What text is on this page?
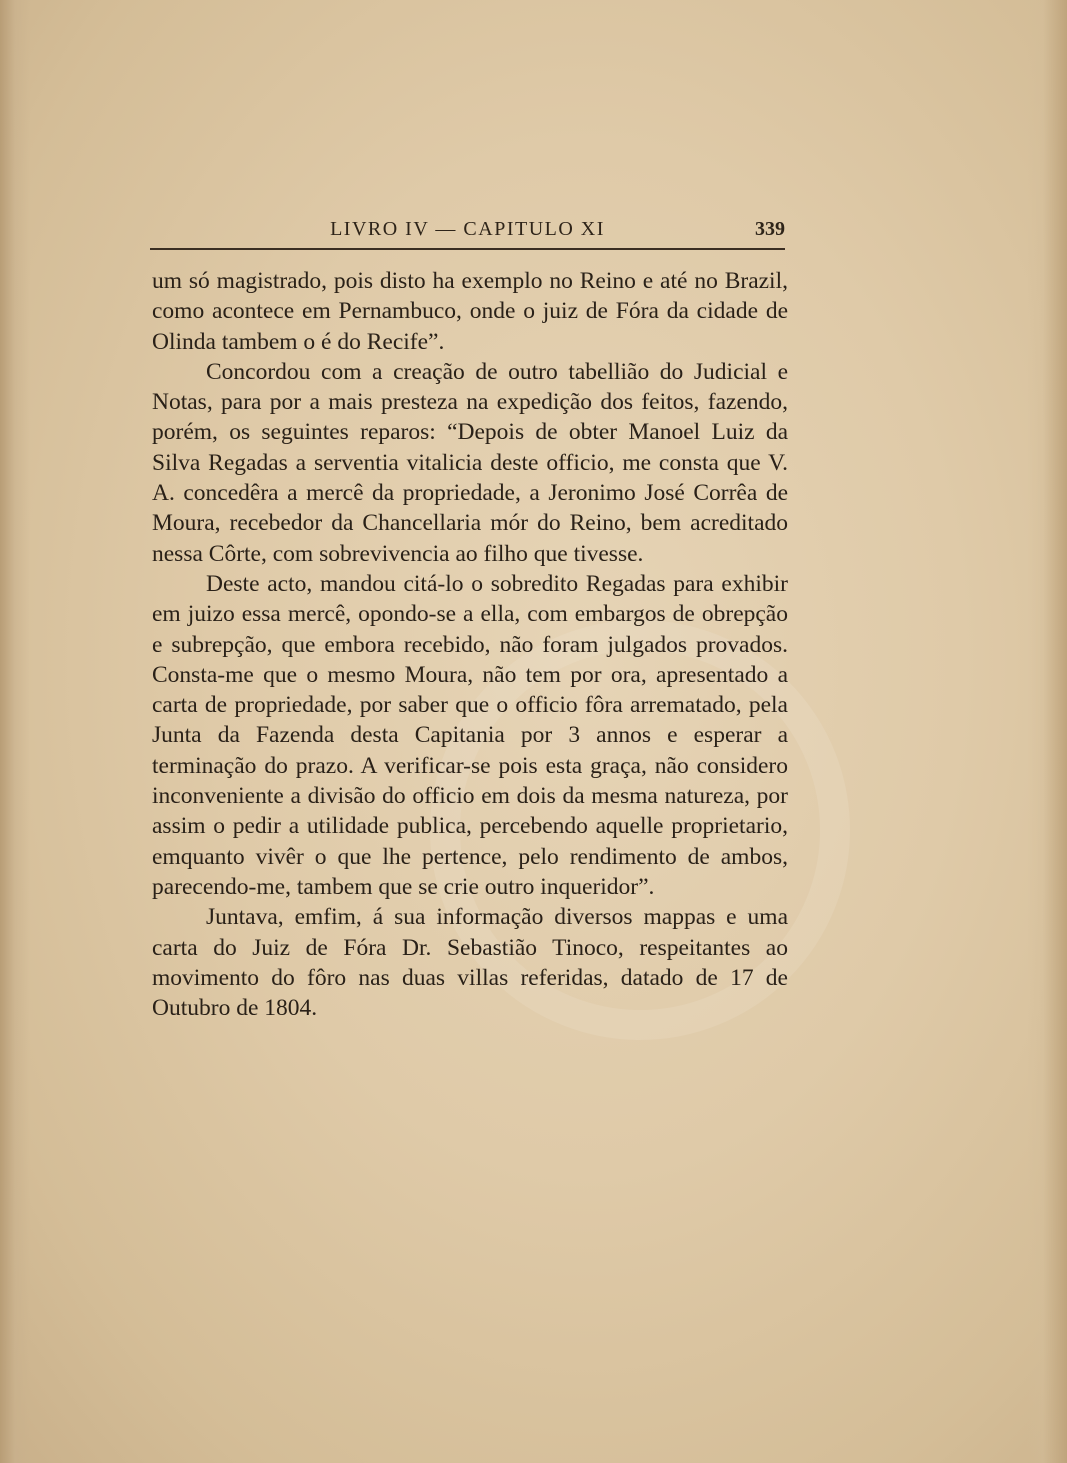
LIVRO IV — CAPITULO XI	339

um só magistrado, pois disto ha exemplo no Reino e até no Brazil, como acontece em Pernambuco, onde o juiz de Fóra da cidade de Olinda tambem o é do Recife”.

Concordou com a creação de outro tabellião do Judicial e Notas, para por a mais presteza na expedição dos feitos, fazendo, porém, os seguintes reparos: “Depois de obter Manoel Luiz da Silva Regadas a serventia vitalicia deste officio, me consta que V. A. concedêra a mercê da propriedade, a Jeronimo José Corrêa de Moura, recebedor da Chancellaria mór do Reino, bem acreditado nessa Côrte, com sobrevivencia ao filho que tivesse.

Deste acto, mandou citá-lo o sobredito Regadas para exhibir em juizo essa mercê, opondo-se a ella, com embargos de obrepção e subrepção, que embora recebido, não foram julgados provados. Consta-me que o mesmo Moura, não tem por ora, apresentado a carta de propriedade, por saber que o officio fôra arrematado, pela Junta da Fazenda desta Capitania por 3 annos e esperar a terminação do prazo. A verificar-se pois esta graça, não considero inconveniente a divisão do officio em dois da mesma natureza, por assim o pedir a utilidade publica, percebendo aquelle proprietario, emquanto vivêr o que lhe pertence, pelo rendimento de ambos, parecendo-me, tambem que se crie outro inqueridor”.

Juntava, emfim, á sua informação diversos mappas e uma carta do Juiz de Fóra Dr. Sebastião Tinoco, respeitantes ao movimento do fôro nas duas villas referidas, datado de 17 de Outubro de 1804.
